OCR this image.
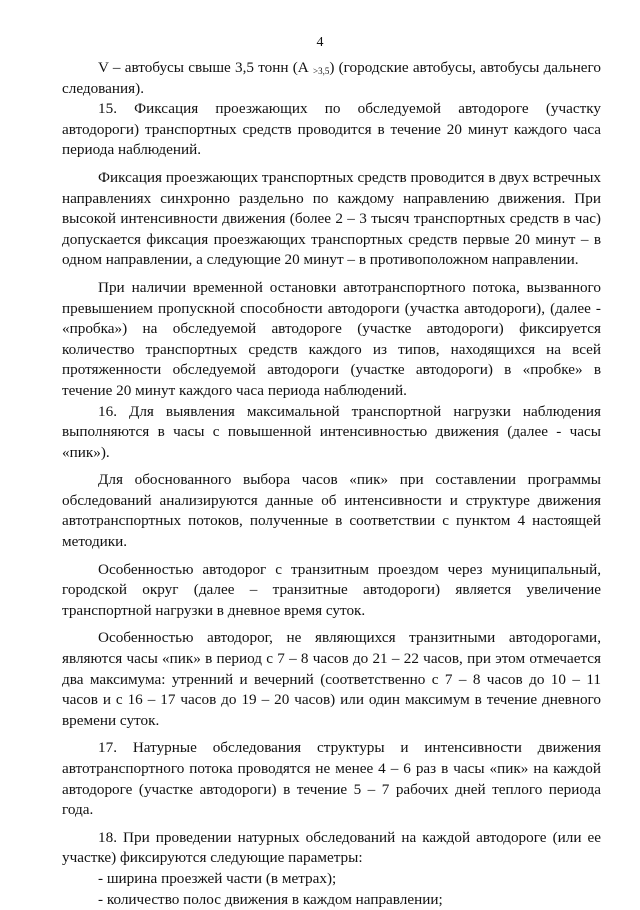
4

V – автобусы свыше 3,5 тонн (А $_{>3,5}$) (городские автобусы, автобусы дальнего следования).

15. Фиксация проезжающих по обследуемой автодороге (участку автодороги) транспортных средств проводится в течение 20 минут каждого часа периода наблюдений.

Фиксация проезжающих транспортных средств проводится в двух встречных направлениях синхронно раздельно по каждому направлению движения. При высокой интенсивности движения (более 2 – 3 тысяч транспортных средств в час) допускается фиксация проезжающих транспортных средств первые 20 минут – в одном направлении, а следующие 20 минут – в противоположном направлении.

При наличии временной остановки автотранспортного потока, вызванного превышением пропускной способности автодороги (участка автодороги), (далее - «пробка») на обследуемой автодороге (участке автодороги) фиксируется количество транспортных средств каждого из типов, находящихся на всей протяженности обследуемой автодороги (участке автодороги) в «пробке» в течение 20 минут каждого часа периода наблюдений.

16. Для выявления максимальной транспортной нагрузки наблюдения выполняются в часы с повышенной интенсивностью движения (далее - часы «пик»).

Для обоснованного выбора часов «пик» при составлении программы обследований анализируются данные об интенсивности и структуре движения автотранспортных потоков, полученные в соответствии с пунктом 4 настоящей методики.

Особенностью автодорог с транзитным проездом через муниципальный, городской округ (далее – транзитные автодороги) является увеличение транспортной нагрузки в дневное время суток.

Особенностью автодорог, не являющихся транзитными автодорогами, являются часы «пик» в период с 7 – 8 часов до 21 – 22 часов, при этом отмечается два максимума: утренний и вечерний (соответственно с 7 – 8 часов до 10 – 11 часов и с 16 – 17 часов до 19 – 20 часов) или один максимум в течение дневного времени суток.

17. Натурные обследования структуры и интенсивности движения автотранспортного потока проводятся не менее 4 – 6 раз в часы «пик» на каждой автодороге (участке автодороги) в течение 5 – 7 рабочих дней теплого периода года.

18. При проведении натурных обследований на каждой автодороге (или ее участке) фиксируются следующие параметры:

- ширина проезжей части (в метрах);

- количество полос движения в каждом направлении;
